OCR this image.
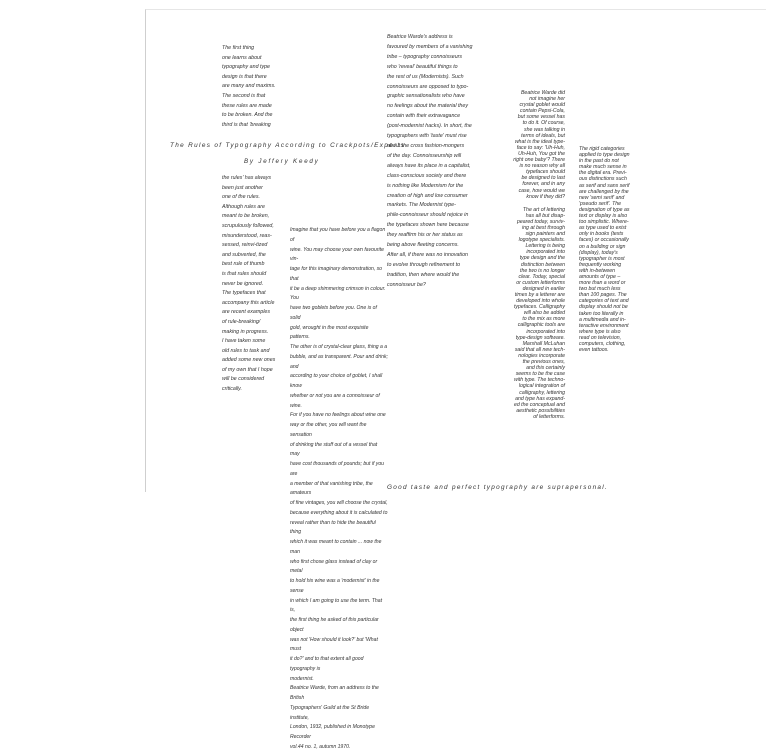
The first thing
one learns about
typography and type
design is that there
are many and maxims.
The second is that
these rules are made
to be broken. And the
third is that 'breaking

The Rules of Typography According to Crackpots/Experts
By Jeffery Keedy

the rules' has always
been just another
one of the rules.
Although rules are
meant to be broken,
scrupulously followed,
misunderstood, reas-
sessed, reinvi-tized
and subverted, the
best rule of thumb
is that rules should
never be ignored.
The typefaces that
accompany this article
are recent examples
of rule-breaking/
making in progress.
I have taken some
old rules to task and
added some new ones
of my own that I hope
will be considered
critically.

Imagine that you have before you a flagon of
wine. You may choose your own favourite vin-
tage for this imaginary demonstration, so that
it be a deep shimmering crimson in colour. You
have two goblets before you. One is of solid
gold, wrought in the most exquisite patterns.
The other is of crystal-clear glass, thing a a
bubble, and as transparent. Pour and drink; and
according to your choice of goblet, I shall know
whether or not you are a connoisseur of wine.
For if you have no feelings about wine one
way or the other, you will want the sensation
of drinking the stuff out of a vessel that may
have cost thousands of pounds; but if you are
a member of that vanishing tribe, the amateurs
of fine vintages, you will choose the crystal,
because everything about it is calculated to
reveal rather than to hide the beautiful thing
which it was meant to contain ... now the man
who first chose glass instead of clay or metal
to hold his wine was a 'modernist' in the sense
in which I am going to use the term. That is,
the first thing he asked of this particular object
was not 'How should it look?' but 'What must
it do?' and to that extent all good typography is
modernist.
Beatrice Warde, from an address to the British
Typographers' Guild at the St Bride institute,
London, 1932, published in Monotype Recorder
vol.44 no. 1, autumn 1970.

Beatrice Warde's address is
favoured by members of a vanishing
tribe – typography connoisseurs
who 'reveal' beautiful things to
the rest of us (Modernists). Such
connoisseurs are opposed to typo-
graphic sensationalists who have
no feelings about the material they
contain with their extravagance
(post-modernist hacks). In short, the
typographers with 'taste' must rise
about the cross fashion-mongers
of the day. Connoisseurship will
always have its place in a capitalist,
class-conscious society and there
is nothing like Modernism for the
creation of high and low consumer
markets. The Modernist type-
phile-connoisseur should rejoice in
the typefaces shown here because
they reaffirm his or her status as
being above fleeting concerns.
After all, if there was no innovation
to evolve through refinement to
tradition, then where would the
connoisseur be?

Beatrice Warde did
not imagine her
crystal goblet would
contain Pepsi-Cola,
but some vessel has
to do it. Of course,
she was talking in
terms of ideals, but
what is the ideal type-
face to say: 'Uh-Huh,
Uh-Huh, You got the
right one baby'? There
is no reason why all
typefaces should
be designed to last
forever, and in any
case, how would we
know if they did?

The art of lettering
has all but disap-
peared today, surviv-
ing at best through
sign painters and
logotype specialists.
Lettering is being
incorporated into
type design and the
distinction between
the two is no longer
clear. Today, special
or custom letterforms
designed in earlier
times by a letterer are
developed into whole
typefaces. Calligraphy
will also be added
to the mix as more
calligraphic tools are
incorporated into
type-design software.
Marshall McLuhan
said that all new tech-
nologies incorporate
the previous ones,
and this certainly
seems to be the case
with type. The techno-
logical integration of
calligraphy, lettering
and type has expand-
ed the conceptual and
aesthetic possibilities
of letterforms.

The rigid categories
applied to type design
in the past do not
make much sense in
the digital era. Previ-
ous distinctions such
as serif and sans serif
are challenged by the
new 'semi serif' and
'pseudo serif'. The
designation of type as
text or display is also
too simplistic. Where-
as type used to exist
only in books (texts
faces) or occasionally
on a building or sign
(display), today's
typographer is most
frequently working
with in-between
amounts of type –
more than a word or
two but much less
than 100 pages. The
categories of text and
display should not be
taken too literally in
a multimedia and in-
teractive environment
where type is also
read on television,
computers, clothing,
even tattoos.

Good taste and perfect typography are suprapersonal.
